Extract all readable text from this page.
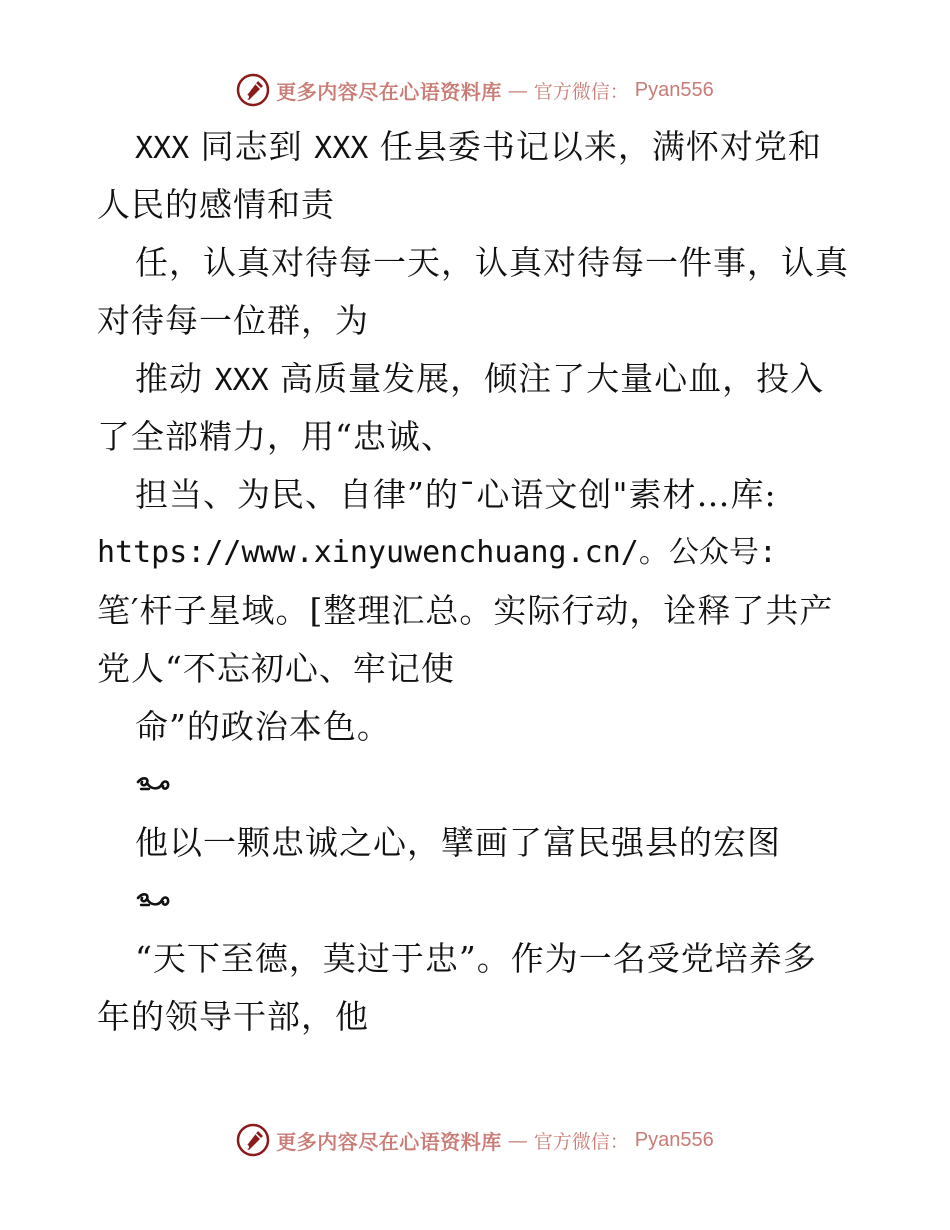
更多内容尽在心语资料库 — 官方微信： Pyan556
XXX 同志到 XXX 任县委书记以来，满怀对党和
人民的感情和责
任，认真对待每一天，认真对待每一件事，认真
对待每一位群，为
推动 XXX 高质量发展，倾注了大量心血，投入
了全部精力，用“忠诚、
担当、为民、自律”的¯心语文创"素材…库:
https://www.xinyuwenchuang.cn/。公众号:
笔′杆子星域。[整理汇总。实际行动，诠释了共产
党人“不忘初心、牢记使
命”的政治本色。
他以一颗忠诚之心，擘画了富民强县的宏图
“天下至德，莫过于忠”。作为一名受党培养多
年的领导干部，他
更多内容尽在心语资料库 — 官方微信： Pyan556
